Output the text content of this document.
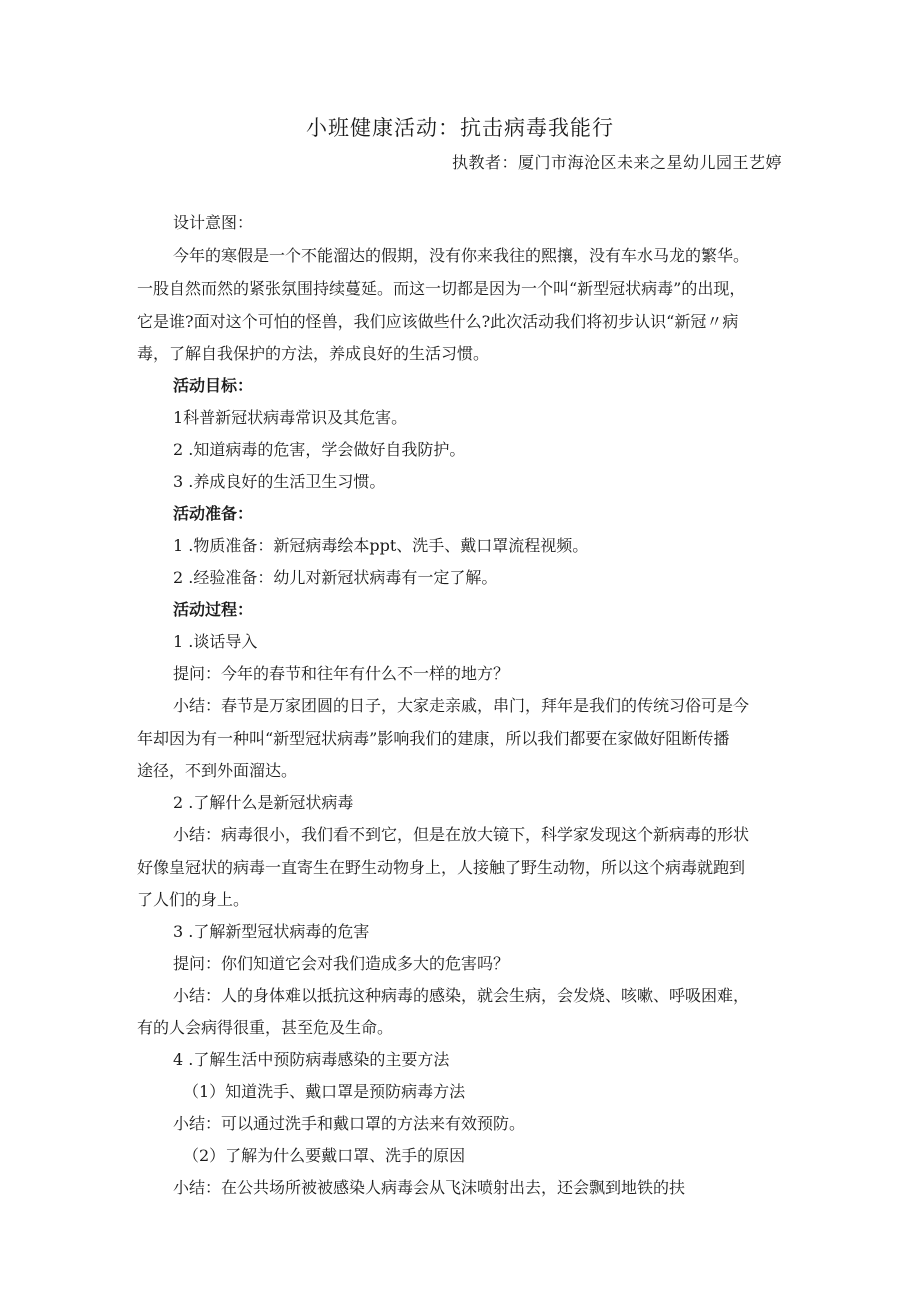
小班健康活动：抗击病毒我能行
执教者：厦门市海沧区未来之星幼儿园王艺婷
设计意图：
今年的寒假是一个不能溜达的假期，没有你来我往的熙攘，没有车水马龙的繁华。
一股自然而然的紧张氛围持续蔓延。而这一切都是因为一个叫“新型冠状病毒”的出现，
它是谁?面对这个可怕的怪兽，我们应该做些什么?此次活动我们将初步认识“新冠〃病
毒，了解自我保护的方法，养成良好的生活习惯。
活动目标：
1科普新冠状病毒常识及其危害。
2 .知道病毒的危害，学会做好自我防护。
3 .养成良好的生活卫生习惯。
活动准备：
1 .物质准备：新冠病毒绘本ppt、洗手、戴口罩流程视频。
2 .经验准备：幼儿对新冠状病毒有一定了解。
活动过程：
1 .谈话导入
提问：今年的春节和往年有什么不一样的地方？
小结：春节是万家团圆的日子，大家走亲戚，串门，拜年是我们的传统习俗可是今
年却因为有一种叫“新型冠状病毒”影响我们的建康，所以我们都要在家做好阻断传播
途径，不到外面溜达。
2 .了解什么是新冠状病毒
小结：病毒很小，我们看不到它，但是在放大镜下，科学家发现这个新病毒的形状
好像皇冠状的病毒一直寄生在野生动物身上，人接触了野生动物，所以这个病毒就跑到
了人们的身上。
3 .了解新型冠状病毒的危害
提问：你们知道它会对我们造成多大的危害吗？
小结：人的身体难以抵抗这种病毒的感染，就会生病，会发烧、咳嗽、呼吸困难，
有的人会病得很重，甚至危及生命。
4 .了解生活中预防病毒感染的主要方法
（1）知道洗手、戴口罩是预防病毒方法
小结：可以通过洗手和戴口罩的方法来有效预防。
（2）了解为什么要戴口罩、洗手的原因
小结：在公共场所被被感染人病毒会从飞沫喷射出去，还会飘到地铁的扶
